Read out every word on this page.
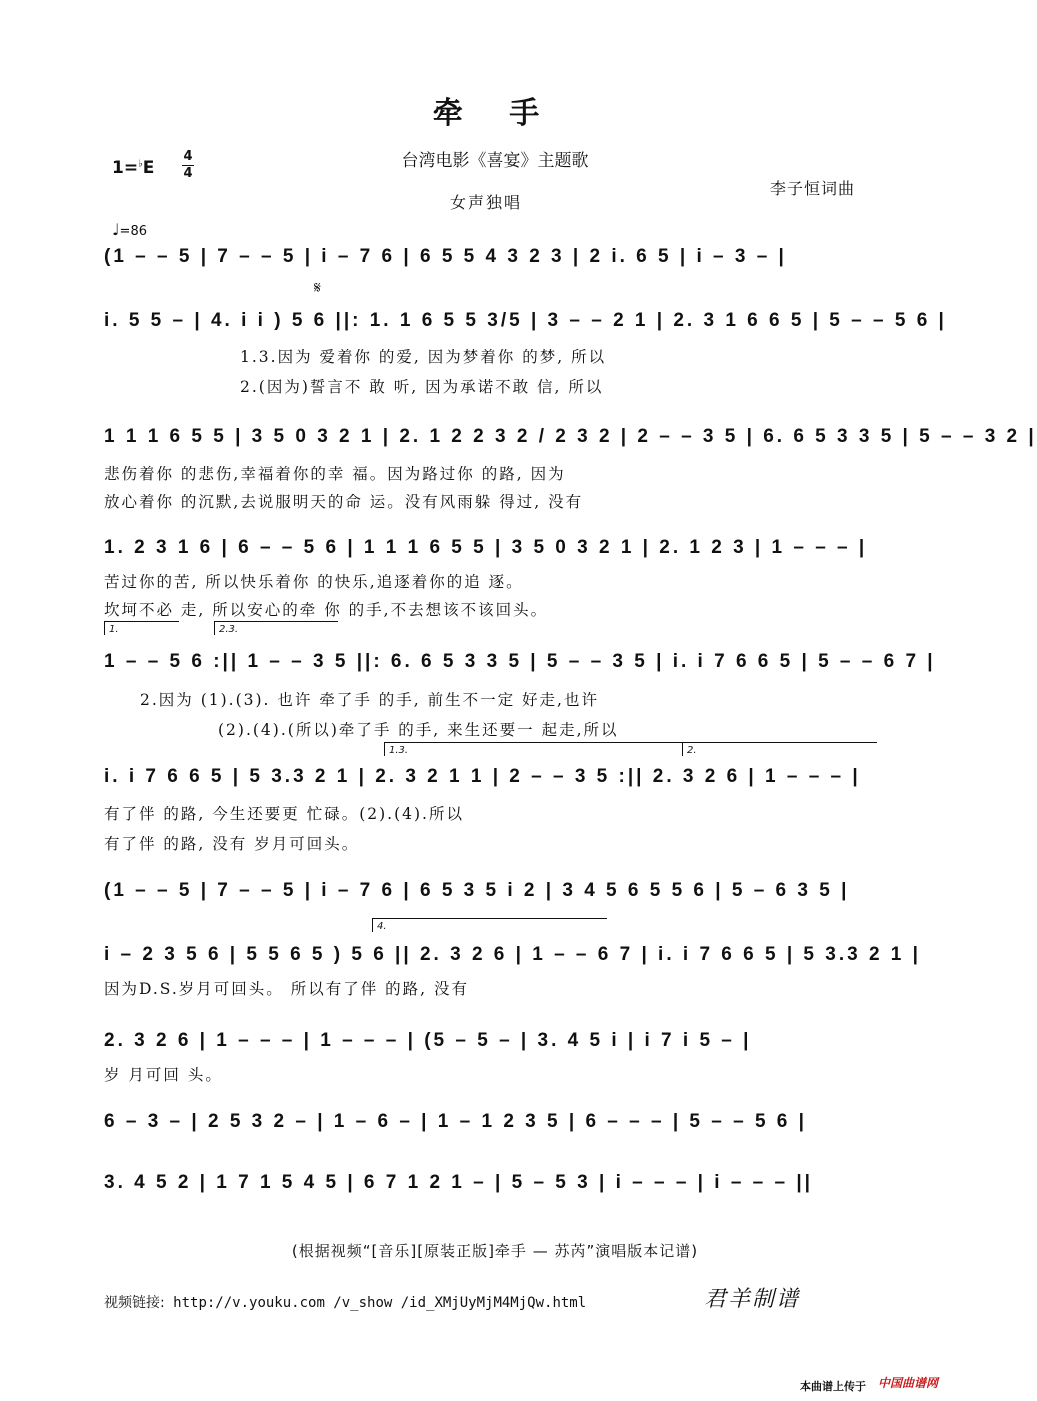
牵 手
台湾电影《喜宴》主题歌
女声独唱
李子恒词曲
1=♭E
4
4
♩=86
(1 – – 5 | 7 – – 5 | i – 7 6 | 6 5 5 4 3 2 3 | 2 i. 6 5 | i – 3 – |
𝄋
i. 5 5 – | 4. i i ) 5 6 ||: 1. 1 6 5 5 3/5 | 3 – – 2 1 | 2. 3 1 6 6 5 | 5 – – 5 6 |
1.3.因为 爱着你 的爱, 因为梦着你 的梦, 所以
2.(因为)誓言不 敢 听, 因为承诺不敢 信, 所以
1 1 1 6 5 5 | 3 5 0 3 2 1 | 2. 1 2 2 3 2 / 2 3 2 | 2 – – 3 5 | 6. 6 5 3 3 5 | 5 – – 3 2 |
悲伤着你 的悲伤,幸福着你的幸 福。因为路过你 的路, 因为
放心着你 的沉默,去说服明天的命 运。没有风雨躲 得过, 没有
1. 2 3 1 6 | 6 – – 5 6 | 1 1 1 6 5 5 | 3 5 0 3 2 1 | 2. 1 2 3 | 1 – – – |
苦过你的苦, 所以快乐着你 的快乐,追逐着你的追 逐。
坎坷不必 走, 所以安心的牵 你 的手,不去想该不该回头。
1.	2.3.
1 – – 5 6 :|| 1 – – 3 5 ||: 6. 6 5 3 3 5 | 5 – – 3 5 | i. i 7 6 6 5 | 5 – – 6 7 |
2.因为 (1).(3). 也许 牵了手 的手, 前生不一定 好走,也许
(2).(4).(所以)牵了手 的手, 来生还要一 起走,所以
1.3.	2.
i. i 7 6 6 5 | 5 3.3 2 1 | 2. 3 2 1 1 | 2 – – 3 5 :|| 2. 3 2 6 | 1 – – – |
有了伴 的路, 今生还要更 忙碌。(2).(4).所以
有了伴 的路, 没有 岁月可回头。
(1 – – 5 | 7 – – 5 | i – 7 6 | 6 5 3 5 i 2 | 3 4 5 6 5 5 6 | 5 – 6 3 5 |
4.
i – 2 3 5 6 | 5 5 6 5 ) 5 6 || 2. 3 2 6 | 1 – – 6 7 | i. i 7 6 6 5 | 5 3.3 2 1 |
因为D.S.岁月可回头。 所以有了伴 的路, 没有
2. 3 2 6 | 1 – – – | 1 – – – | (5 – 5 – | 3. 4 5 i | i 7 i 5 – |
岁 月可回 头。
6 – 3 – | 2 5 3 2 – | 1 – 6 – | 1 – 1 2 3 5 | 6 – – – | 5 – – 5 6 |
3. 4 5 2 | 1 7 1 5 4 5 | 6 7 1 2 1 – | 5 – 5 3 | i – – – | i – – – ||
(根据视频“[音乐][原装正版]牵手 — 苏芮”演唱版本记谱)
视频链接: http://v.youku.com /v_show /id_XMjUyMjM4MjQw.html	君羊制谱
本曲谱上传于 中国曲谱网
